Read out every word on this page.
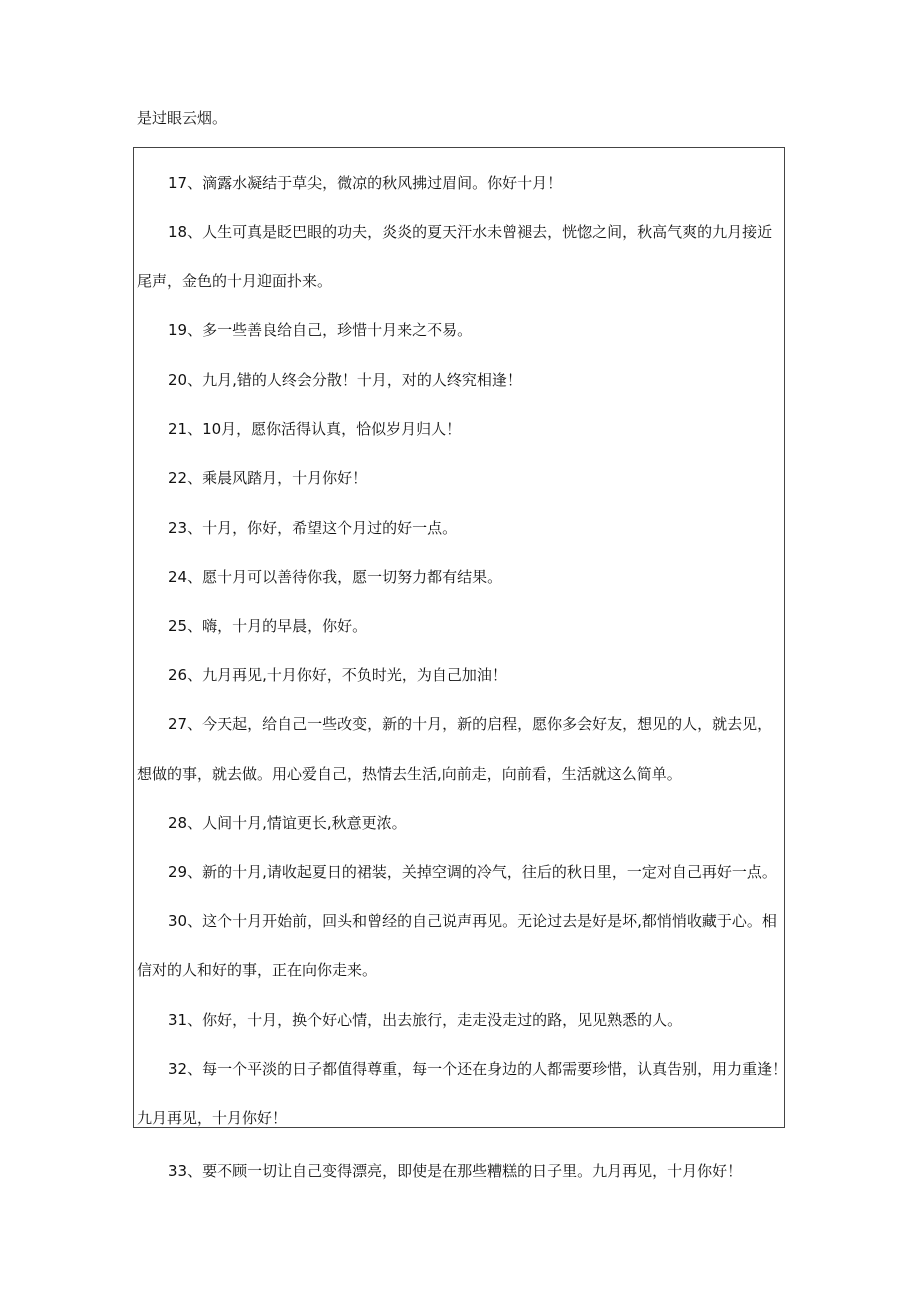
是过眼云烟。

17、滴露水凝结于草尖，微凉的秋风拂过眉间。你好十月！

18、人生可真是眨巴眼的功夫，炎炎的夏天汗水未曾褪去，恍惚之间，秋高气爽的九月接近

尾声，金色的十月迎面扑来。

19、多一些善良给自己，珍惜十月来之不易。

20、九月,错的人终会分散！十月，对的人终究相逢！

21、10月，愿你活得认真，恰似岁月归人！

22、乘晨风踏月，十月你好！

23、十月，你好，希望这个月过的好一点。

24、愿十月可以善待你我，愿一切努力都有结果。

25、嗨，十月的早晨，你好。

26、九月再见,十月你好，不负时光，为自己加油！

27、今天起，给自己一些改变，新的十月，新的启程，愿你多会好友，想见的人，就去见，

想做的事，就去做。用心爱自己，热情去生活,向前走，向前看，生活就这么简单。

28、人间十月,情谊更长,秋意更浓。

29、新的十月,请收起夏日的裙装，关掉空调的冷气，往后的秋日里，一定对自己再好一点。

30、这个十月开始前，回头和曾经的自己说声再见。无论过去是好是坏,都悄悄收藏于心。相

信对的人和好的事，正在向你走来。

31、你好，十月，换个好心情，出去旅行，走走没走过的路，见见熟悉的人。

32、每一个平淡的日子都值得尊重，每一个还在身边的人都需要珍惜，认真告别，用力重逢！

九月再见，十月你好！

33、要不顾一切让自己变得漂亮，即使是在那些糟糕的日子里。九月再见，十月你好！
